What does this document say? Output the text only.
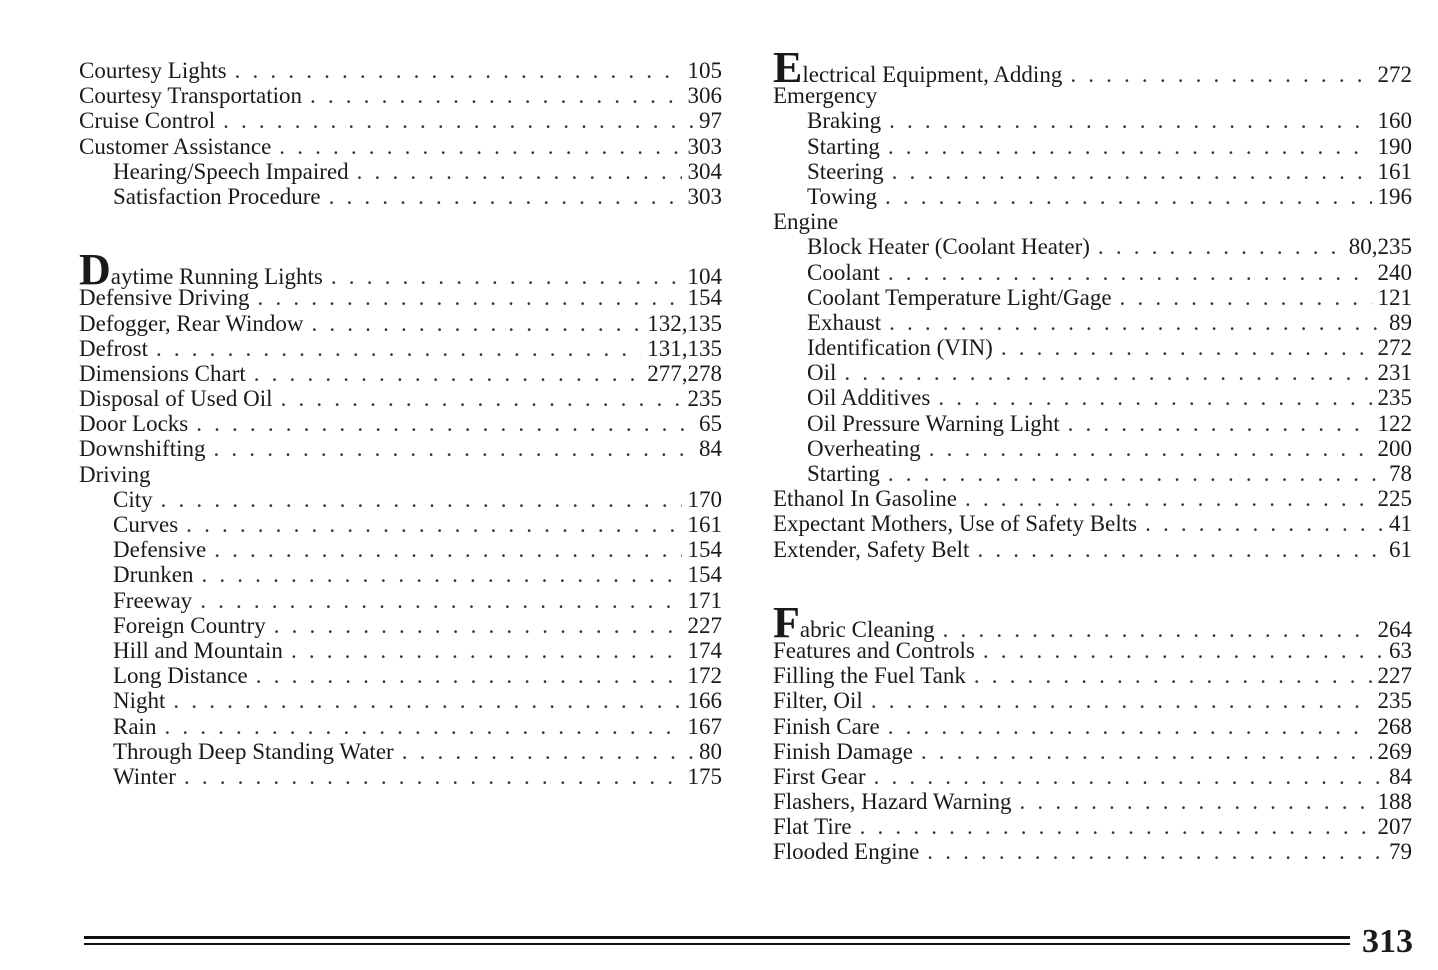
Courtesy Lights . . .	105
Courtesy Transportation . . .	306
Cruise Control . . .	97
Customer Assistance . . .	303
Hearing/Speech Impaired . . .	304
Satisfaction Procedure . . .	303
Daytime Running Lights . . .	104
Defensive Driving . . .	154
Defogger, Rear Window . . .	132,135
Defrost . . .	131,135
Dimensions Chart . . .	277,278
Disposal of Used Oil . . .	235
Door Locks . . .	65
Downshifting . . .	84
Driving
City . . .	170
Curves . . .	161
Defensive . . .	154
Drunken . . .	154
Freeway . . .	171
Foreign Country . . .	227
Hill and Mountain . . .	174
Long Distance . . .	172
Night . . .	166
Rain . . .	167
Through Deep Standing Water . . .	80
Winter . . .	175
Electrical Equipment, Adding . . .	272
Emergency
Braking . . .	160
Starting . . .	190
Steering . . .	161
Towing . . .	196
Engine
Block Heater (Coolant Heater) . . .	80,235
Coolant . . .	240
Coolant Temperature Light/Gage . . .	121
Exhaust . . .	89
Identification (VIN) . . .	272
Oil . . .	231
Oil Additives . . .	235
Oil Pressure Warning Light . . .	122
Overheating . . .	200
Starting . . .	78
Ethanol In Gasoline . . .	225
Expectant Mothers, Use of Safety Belts . . .	41
Extender, Safety Belt . . .	61
Fabric Cleaning . . .	264
Features and Controls . . .	63
Filling the Fuel Tank . . .	227
Filter, Oil . . .	235
Finish Care . . .	268
Finish Damage . . .	269
First Gear . . .	84
Flashers, Hazard Warning . . .	188
Flat Tire . . .	207
Flooded Engine . . .	79
313
